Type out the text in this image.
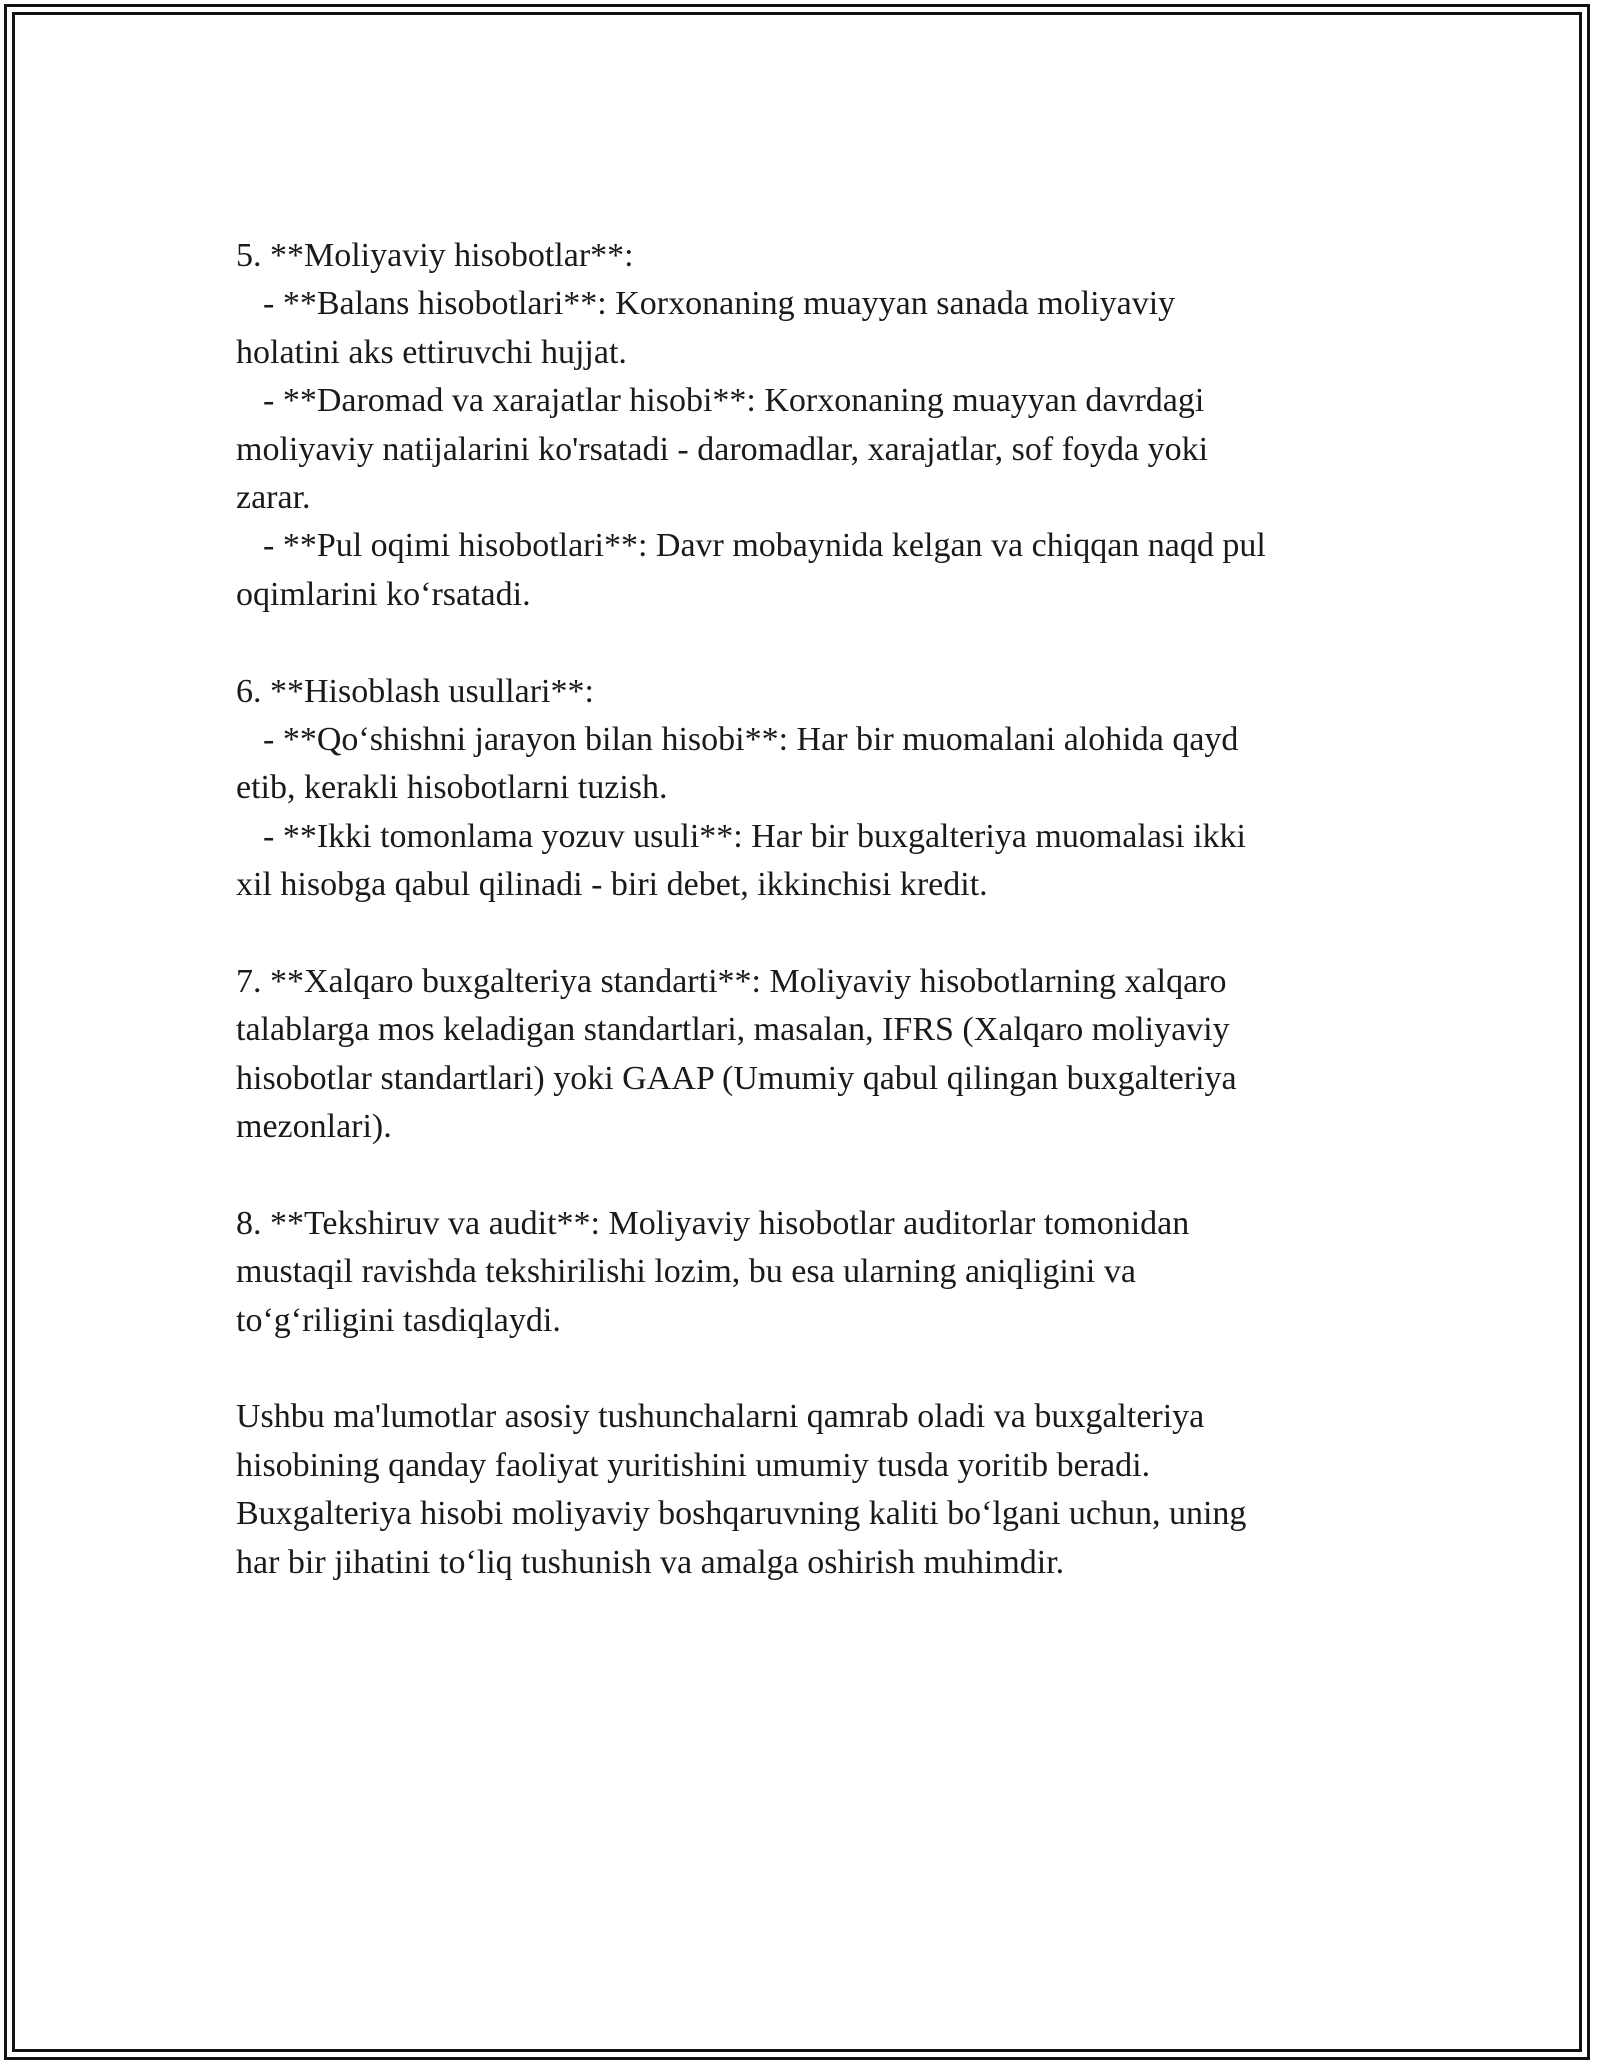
5. **Moliyaviy hisobotlar**:
- **Balans hisobotlari**: Korxonaning muayyan sanada moliyaviy
holatini aks ettiruvchi hujjat.
- **Daromad va xarajatlar hisobi**: Korxonaning muayyan davrdagi
moliyaviy natijalarini ko'rsatadi - daromadlar, xarajatlar, sof foyda yoki
zarar.
- **Pul oqimi hisobotlari**: Davr mobaynida kelgan va chiqqan naqd pul
oqimlarini ko‘rsatadi.
6. **Hisoblash usullari**:
- **Qo‘shishni jarayon bilan hisobi**: Har bir muomalani alohida qayd
etib, kerakli hisobotlarni tuzish.
- **Ikki tomonlama yozuv usuli**: Har bir buxgalteriya muomalasi ikki
xil hisobga qabul qilinadi - biri debet, ikkinchisi kredit.
7. **Xalqaro buxgalteriya standarti**: Moliyaviy hisobotlarning xalqaro
talablarga mos keladigan standartlari, masalan, IFRS (Xalqaro moliyaviy
hisobotlar standartlari) yoki GAAP (Umumiy qabul qilingan buxgalteriya
mezonlari).
8. **Tekshiruv va audit**: Moliyaviy hisobotlar auditorlar tomonidan
mustaqil ravishda tekshirilishi lozim, bu esa ularning aniqligini va
to‘g‘riligini tasdiqlaydi.
Ushbu ma'lumotlar asosiy tushunchalarni qamrab oladi va buxgalteriya
hisobining qanday faoliyat yuritishini umumiy tusda yoritib beradi.
Buxgalteriya hisobi moliyaviy boshqaruvning kaliti bo‘lgani uchun, uning
har bir jihatini to‘liq tushunish va amalga oshirish muhimdir.
